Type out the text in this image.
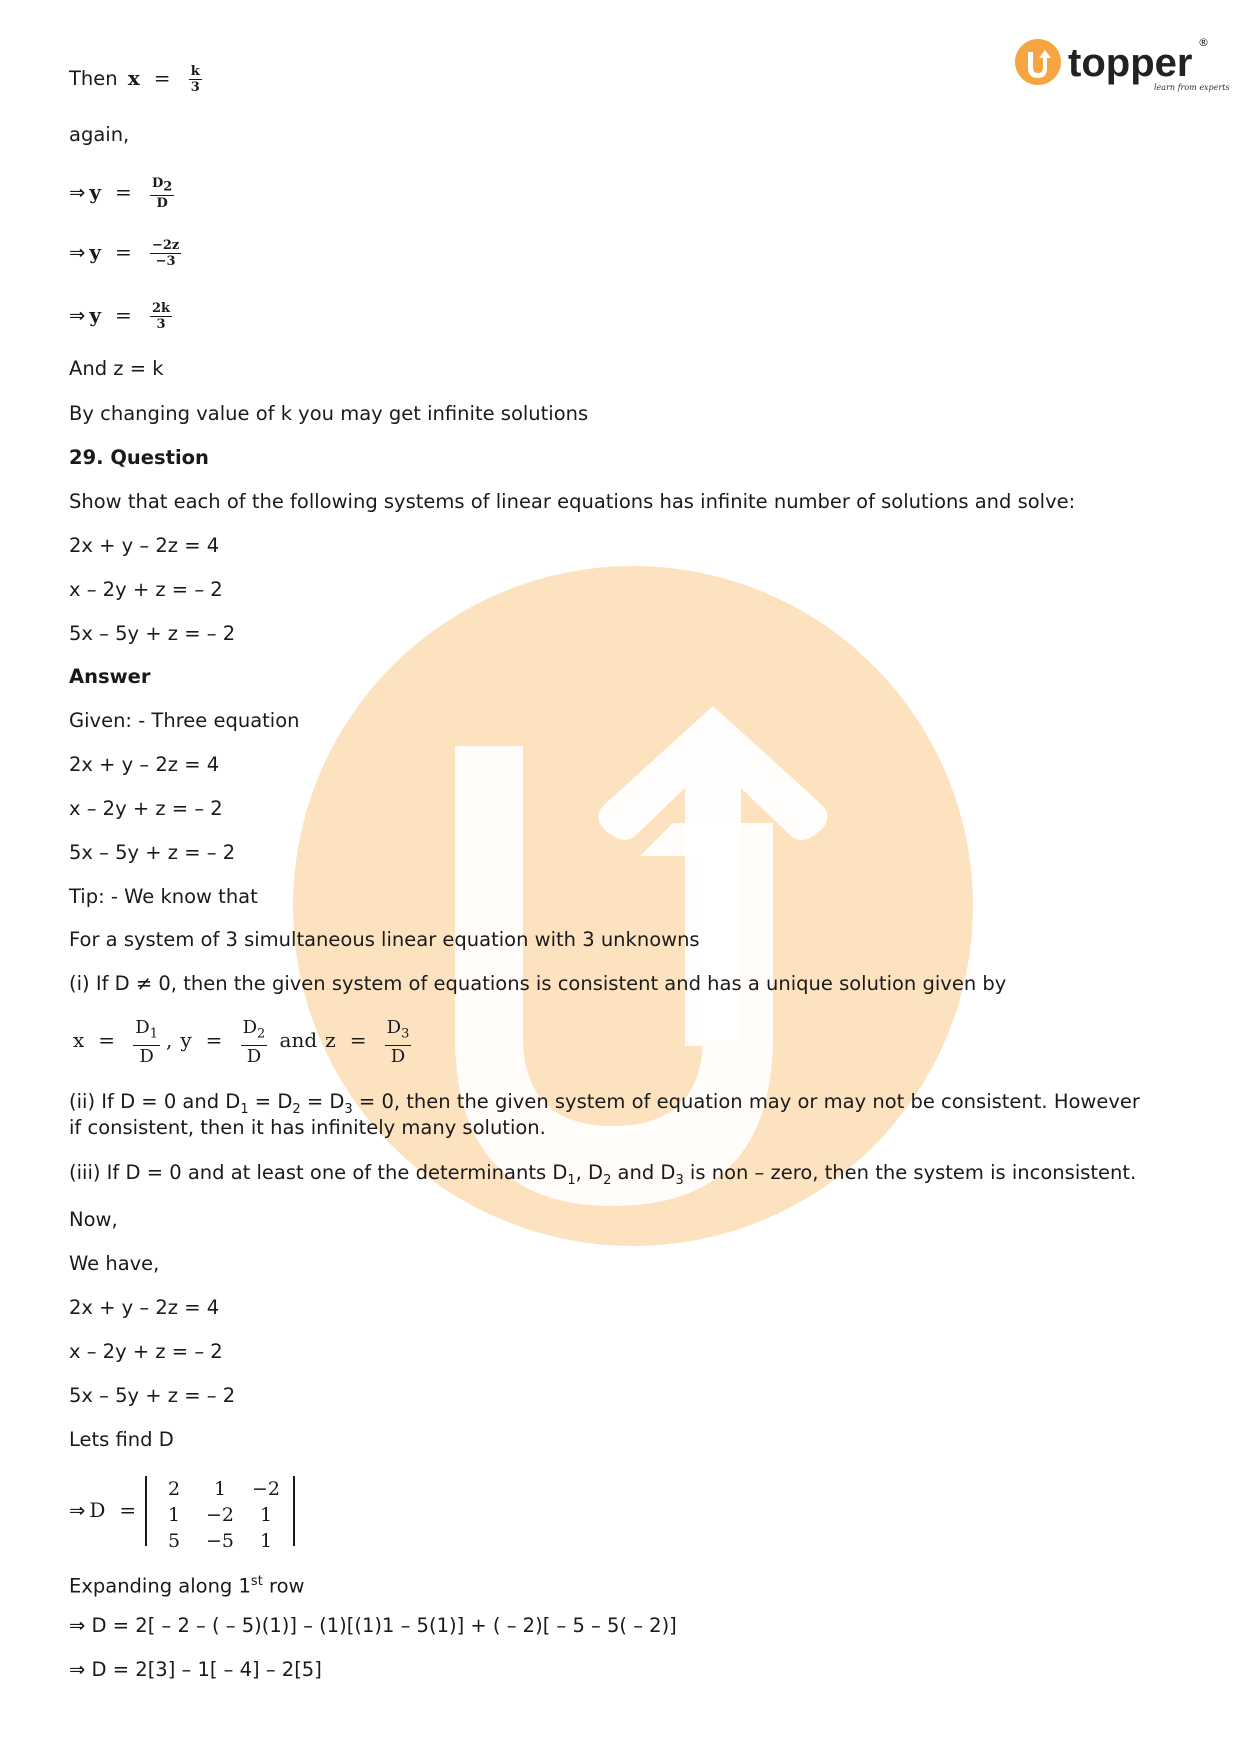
topper
learn from experts
®
Then $x = \frac{k}{3}$
again,
⇒ $y = \frac{D_2}{D}$
⇒ $y = \frac{-2z}{-3}$
⇒ $y = \frac{2k}{3}$
And z = k
By changing value of k you may get infinite solutions
29. Question
Show that each of the following systems of linear equations has infinite number of solutions and solve:
2x + y – 2z = 4
x – 2y + z = – 2
5x – 5y + z = – 2
Answer
Given: - Three equation
2x + y – 2z = 4
x – 2y + z = – 2
5x – 5y + z = – 2
Tip: - We know that
For a system of 3 simultaneous linear equation with 3 unknowns
(i) If D ≠ 0, then the given system of equations is consistent and has a unique solution given by
$x = \frac{D_1}{D}$ , $y = \frac{D_2}{D}$ and $z = \frac{D_3}{D}$
(ii) If D = 0 and $D_1 = D_2 = D_3 = 0$, then the given system of equation may or may not be consistent. However
if consistent, then it has infinitely many solution.
(iii) If D = 0 and at least one of the determinants $D_1$, $D_2$ and $D_3$ is non – zero, then the system is inconsistent.
Now,
We have,
2x + y – 2z = 4
x – 2y + z = – 2
5x – 5y + z = – 2
Lets find D
⇒ D =
2	1	−2
1	−2	1
5	−5	1
Expanding along 1st row
⇒ D = 2[ – 2 – ( – 5)(1)] – (1)[(1)1 – 5(1)] + ( – 2)[ – 5 – 5( – 2)]
⇒ D = 2[3] – 1[ – 4] – 2[5]
